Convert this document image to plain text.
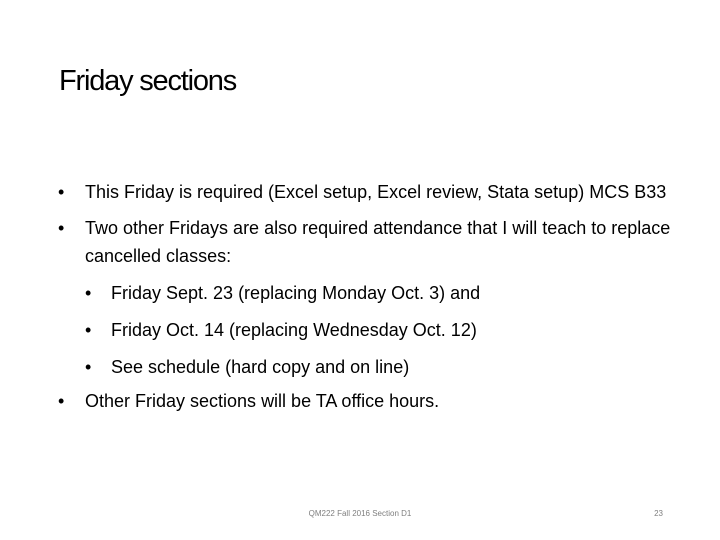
Friday sections
• This Friday is required (Excel setup, Excel review, Stata setup) MCS B33
• Two other Fridays are also required attendance that I will teach to replace cancelled classes:
• Friday Sept. 23 (replacing Monday Oct. 3) and
• Friday Oct. 14 (replacing Wednesday Oct. 12)
• See schedule (hard copy and on line)
• Other Friday sections will be TA office hours.
QM222 Fall 2016 Section D1	23
